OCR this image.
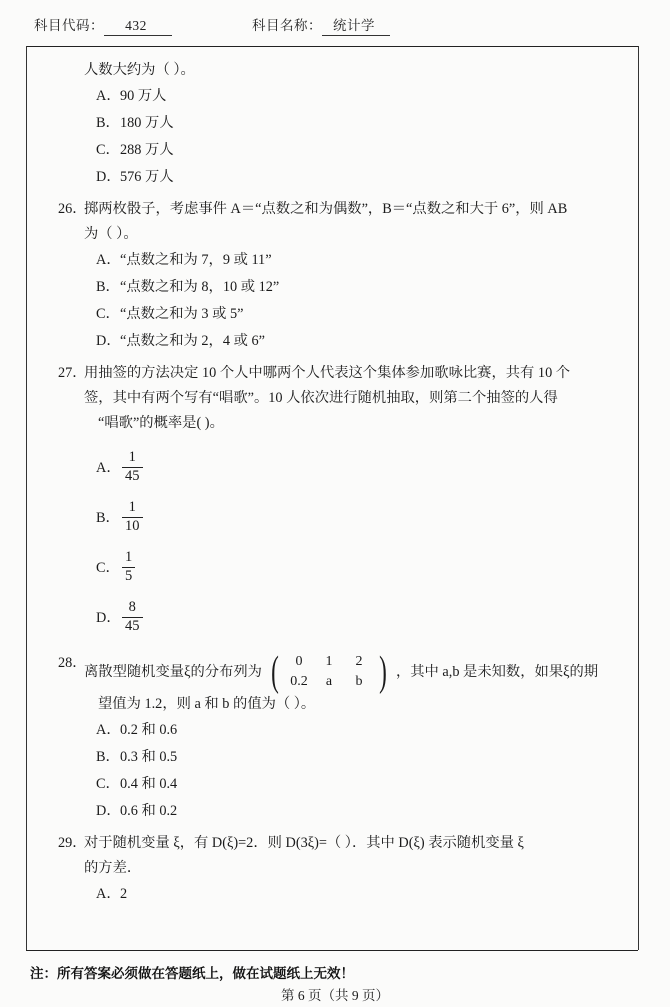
科目代码： 432	科目名称： 统计学
人数大约为（ ）。
A．90 万人
B．180 万人
C．288 万人
D．576 万人
26．
掷两枚骰子，考虑事件 A＝“点数之和为偶数”，B＝“点数之和大于 6”，则 AB
为（ ）。
A．“点数之和为 7，9 或 11”
B．“点数之和为 8，10 或 12”
C．“点数之和为 3 或 5”
D．“点数之和为 2，4 或 6”
27．
用抽签的方法决定 10 个人中哪两个人代表这个集体参加歌咏比赛，共有 10 个
签，其中有两个写有“唱歌”。10 人依次进行随机抽取，则第二个抽签的人得
“唱歌”的概率是( )。
A． $\frac{1}{45}$
B． $\frac{1}{10}$
C． $\frac{1}{5}$
D． $\frac{8}{45}$
28．
离散型随机变量ξ的分布列为 (	0	1	2
0.2	a	b ) ，其中 a,b 是未知数，如果ξ的期
望值为 1.2，则 a 和 b 的值为（ ）。
A．0.2 和 0.6
B．0.3 和 0.5
C．0.4 和 0.4
D．0.6 和 0.2
29．
对于随机变量 ξ，有 D(ξ)=2．则 D(3ξ)=（ ）．其中 D(ξ) 表示随机变量 ξ
的方差．
A．2
注：所有答案必须做在答题纸上，做在试题纸上无效！
第 6 页（共 9 页）
